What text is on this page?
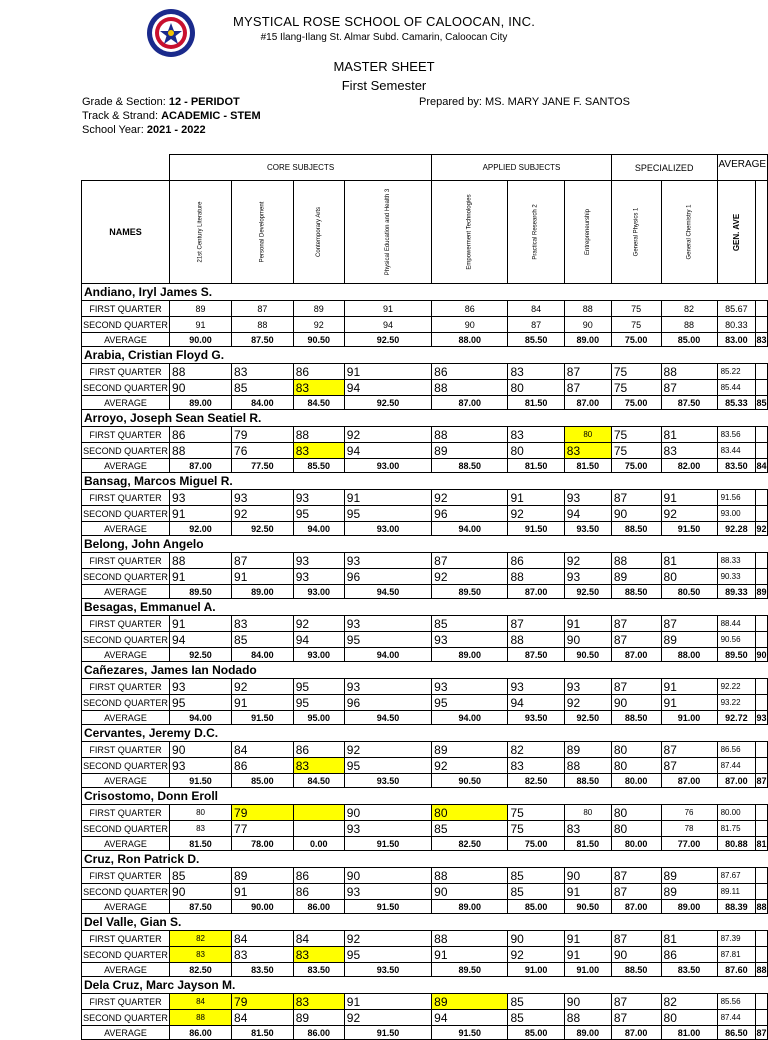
MYSTICAL ROSE SCHOOL OF CALOOCAN, INC.
#15 Ilang-Ilang St. Almar Subd. Camarin, Caloocan City
MASTER SHEET
First Semester
Grade & Section: 12 - PERIDOT
Track & Strand: ACADEMIC - STEM
School Year: 2021 - 2022
Prepared by: MS. MARY JANE F. SANTOS
	CORE SUBJECTS				APPLIED SUBJECTS			SPECIALIZED		AVERAGE	
NAMES	21st Century Literature	Personal Development	Contemporary Arts	Physical Education and Health 3	Empowerment Technologies	Practical Research 2	Entrepreneurship	General Physics 1	General Chemistry 1	GEN. AVE	
Andiano, Iryl James S.											
FIRST QUARTER	89	87	89	91	86	84	88	75	82	85.67	
SECOND QUARTER	91	88	92	94	90	87	90	75	88	80.33	
AVERAGE	90.00	87.50	90.50	92.50	88.00	85.50	89.00	75.00	85.00	83.00	83
Arabia, Cristian Floyd G.											
FIRST QUARTER	88	83	86	91	86	83	87	75	88	85.22	
SECOND QUARTER	90	85	83	94	88	80	87	75	87	85.44	
AVERAGE	89.00	84.00	84.50	92.50	87.00	81.50	87.00	75.00	87.50	85.33	85
Arroyo, Joseph Sean Seatiel R.											
FIRST QUARTER	86	79	88	92	88	83	80	75	81	83.56	
SECOND QUARTER	88	76	83	94	89	80	83	75	83	83.44	
AVERAGE	87.00	77.50	85.50	93.00	88.50	81.50	81.50	75.00	82.00	83.50	84
Bansag, Marcos Miguel R.											
FIRST QUARTER	93	93	93	91	92	91	93	87	91	91.56	
SECOND QUARTER	91	92	95	95	96	92	94	90	92	93.00	
AVERAGE	92.00	92.50	94.00	93.00	94.00	91.50	93.50	88.50	91.50	92.28	92
Belong, John Angelo											
FIRST QUARTER	88	87	93	93	87	86	92	88	81	88.33	
SECOND QUARTER	91	91	93	96	92	88	93	89	80	90.33	
AVERAGE	89.50	89.00	93.00	94.50	89.50	87.00	92.50	88.50	80.50	89.33	89
Besagas, Emmanuel A.											
FIRST QUARTER	91	83	92	93	85	87	91	87	87	88.44	
SECOND QUARTER	94	85	94	95	93	88	90	87	89	90.56	
AVERAGE	92.50	84.00	93.00	94.00	89.00	87.50	90.50	87.00	88.00	89.50	90
Cañezares, James Ian Nodado											
FIRST QUARTER	93	92	95	93	93	93	93	87	91	92.22	
SECOND QUARTER	95	91	95	96	95	94	92	90	91	93.22	
AVERAGE	94.00	91.50	95.00	94.50	94.00	93.50	92.50	88.50	91.00	92.72	93
Cervantes, Jeremy D.C.											
FIRST QUARTER	90	84	86	92	89	82	89	80	87	86.56	
SECOND QUARTER	93	86	83	95	92	83	88	80	87	87.44	
AVERAGE	91.50	85.00	84.50	93.50	90.50	82.50	88.50	80.00	87.00	87.00	87
Crisostomo, Donn Eroll											
FIRST QUARTER	80	79		90	80	75	80	80	76	80.00	
SECOND QUARTER	83	77		93	85	75	83	80	78	81.75	
AVERAGE	81.50	78.00	0.00	91.50	82.50	75.00	81.50	80.00	77.00	80.88	81
Cruz, Ron Patrick D.											
FIRST QUARTER	85	89	86	90	88	85	90	87	89	87.67	
SECOND QUARTER	90	91	86	93	90	85	91	87	89	89.11	
AVERAGE	87.50	90.00	86.00	91.50	89.00	85.00	90.50	87.00	89.00	88.39	88
Del Valle, Gian S.											
FIRST QUARTER	82	84	84	92	88	90	91	87	81	87.39	
SECOND QUARTER	83	83	83	95	91	92	91	90	86	87.81	
AVERAGE	82.50	83.50	83.50	93.50	89.50	91.00	91.00	88.50	83.50	87.60	88
Dela Cruz, Marc Jayson M.											
FIRST QUARTER	84	79	83	91	89	85	90	87	82	85.56	
SECOND QUARTER	88	84	89	92	94	85	88	87	80	87.44	
AVERAGE	86.00	81.50	86.00	91.50	91.50	85.00	89.00	87.00	81.00	86.50	87
